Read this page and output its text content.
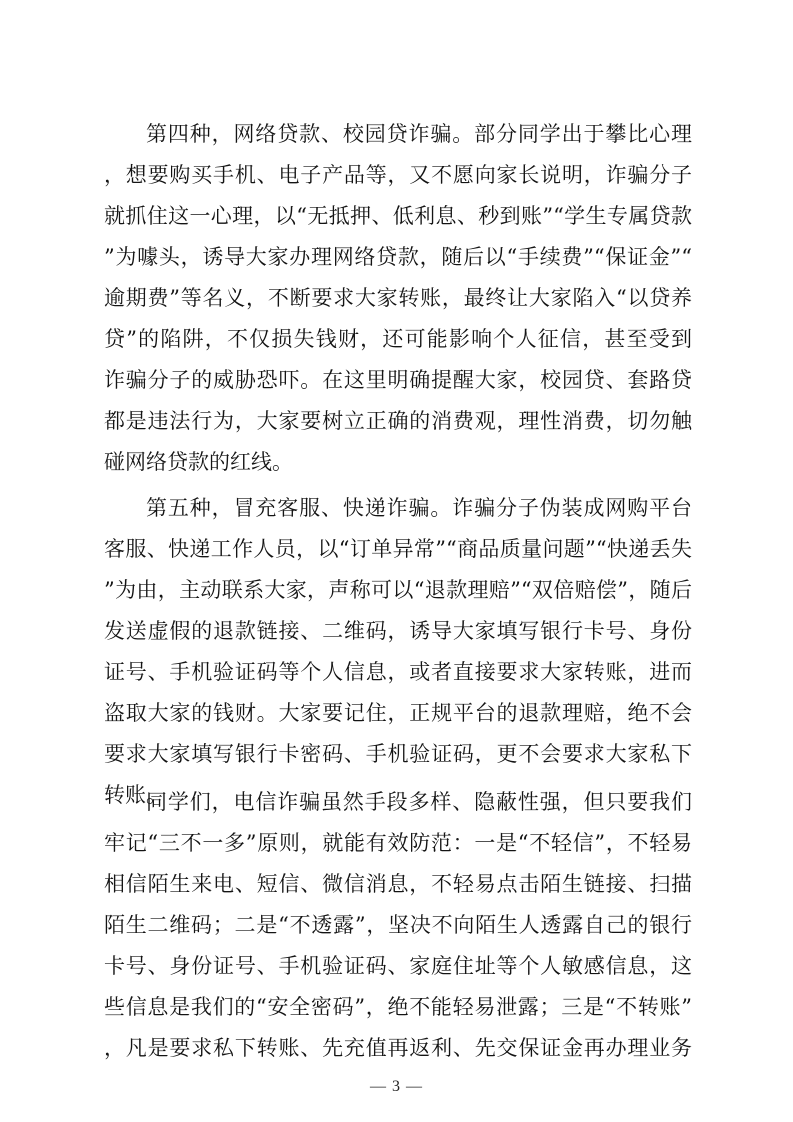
第四种，网络贷款、校园贷诈骗。部分同学出于攀比心理
，想要购买手机、电子产品等，又不愿向家长说明，诈骗分子
就抓住这一心理，以“无抵押、低利息、秒到账”“学生专属贷款
”为噱头，诱导大家办理网络贷款，随后以“手续费”“保证金”“
逾期费”等名义，不断要求大家转账，最终让大家陷入“以贷养
贷”的陷阱，不仅损失钱财，还可能影响个人征信，甚至受到
诈骗分子的威胁恐吓。在这里明确提醒大家，校园贷、套路贷
都是违法行为，大家要树立正确的消费观，理性消费，切勿触
碰网络贷款的红线。
第五种，冒充客服、快递诈骗。诈骗分子伪装成网购平台
客服、快递工作人员，以“订单异常”“商品质量问题”“快递丢失
”为由，主动联系大家，声称可以“退款理赔”“双倍赔偿”，随后
发送虚假的退款链接、二维码，诱导大家填写银行卡号、身份
证号、手机验证码等个人信息，或者直接要求大家转账，进而
盗取大家的钱财。大家要记住，正规平台的退款理赔，绝不会
要求大家填写银行卡密码、手机验证码，更不会要求大家私下
转账。
同学们，电信诈骗虽然手段多样、隐蔽性强，但只要我们
牢记“三不一多”原则，就能有效防范：一是“不轻信”，不轻易
相信陌生来电、短信、微信消息，不轻易点击陌生链接、扫描
陌生二维码；二是“不透露”，坚决不向陌生人透露自己的银行
卡号、身份证号、手机验证码、家庭住址等个人敏感信息，这
些信息是我们的“安全密码”，绝不能轻易泄露；三是“不转账”
，凡是要求私下转账、先充值再返利、先交保证金再办理业务
— 3 —
